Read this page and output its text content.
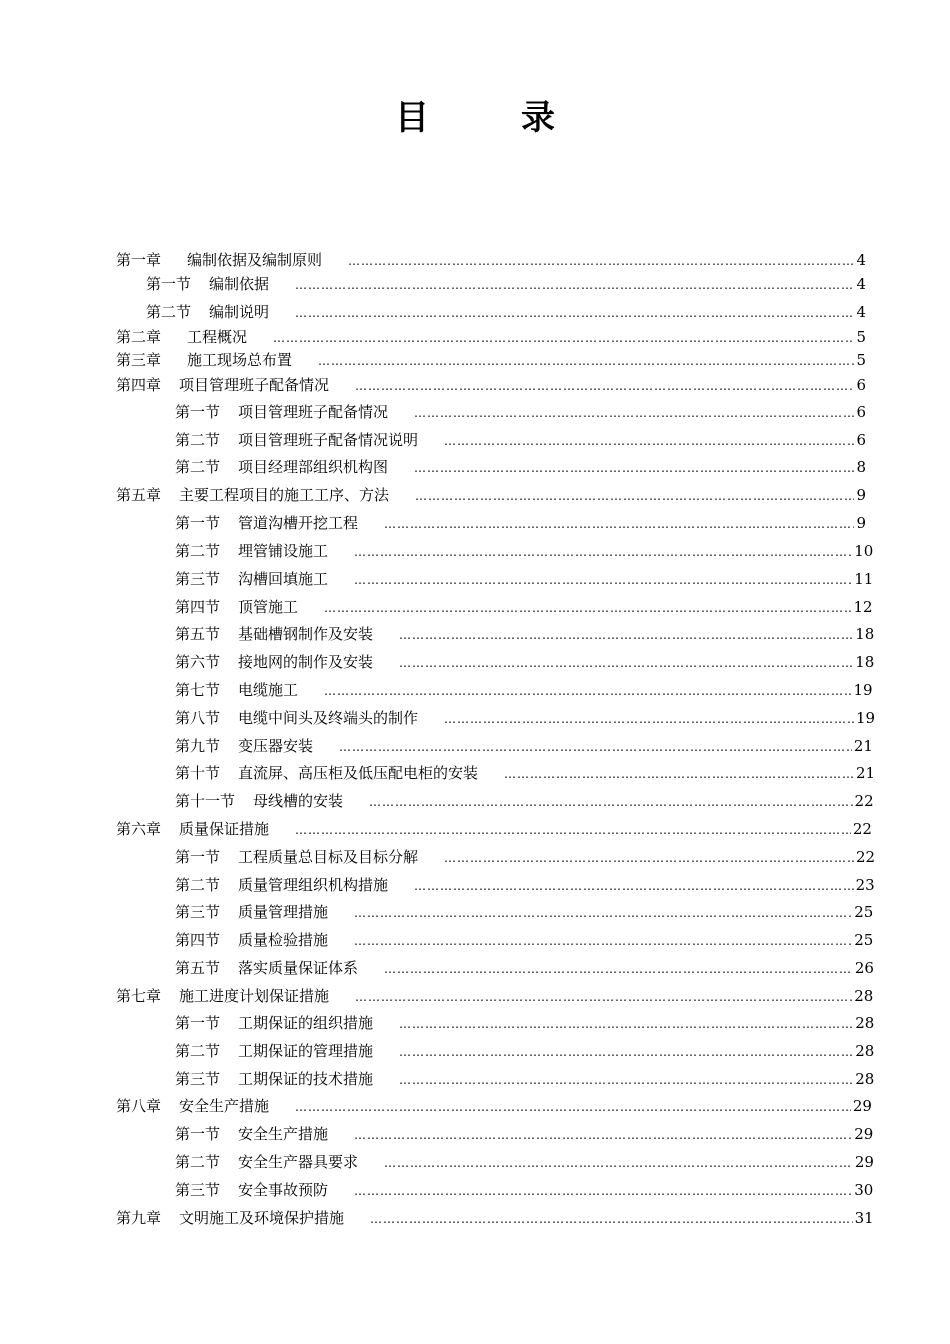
目	录
第一章 编制依据及编制原则 ……………………………………………………………………………………………………………………………………………………………………	4
第一节 编制依据 ……………………………………………………………………………………………………………………………………………………………………	4
第二节 编制说明 ……………………………………………………………………………………………………………………………………………………………………	4
第二章 工程概况 ……………………………………………………………………………………………………………………………………………………………………	5
第三章 施工现场总布置 ……………………………………………………………………………………………………………………………………………………………………	5
第四章 项目管理班子配备情况 ……………………………………………………………………………………………………………………………………………………………………	6
第一节 项目管理班子配备情况 ……………………………………………………………………………………………………………………………………………………………………	6
第二节 项目管理班子配备情况说明 ……………………………………………………………………………………………………………………………………………………………………	6
第二节 项目经理部组织机构图 ……………………………………………………………………………………………………………………………………………………………………	8
第五章 主要工程项目的施工工序、方法 ……………………………………………………………………………………………………………………………………………………………………	9
第一节 管道沟槽开挖工程 ……………………………………………………………………………………………………………………………………………………………………	9
第二节 埋管铺设施工 ……………………………………………………………………………………………………………………………………………………………………	10
第三节 沟槽回填施工 ……………………………………………………………………………………………………………………………………………………………………	11
第四节 顶管施工 ……………………………………………………………………………………………………………………………………………………………………	12
第五节 基础槽钢制作及安装 ……………………………………………………………………………………………………………………………………………………………………	18
第六节 接地网的制作及安装 ……………………………………………………………………………………………………………………………………………………………………	18
第七节 电缆施工 ……………………………………………………………………………………………………………………………………………………………………	19
第八节 电缆中间头及终端头的制作 ……………………………………………………………………………………………………………………………………………………………………	19
第九节 变压器安装 ……………………………………………………………………………………………………………………………………………………………………	21
第十节 直流屏、高压柜及低压配电柜的安装 ……………………………………………………………………………………………………………………………………………………………………	21
第十一节 母线槽的安装 ……………………………………………………………………………………………………………………………………………………………………	22
第六章 质量保证措施 ……………………………………………………………………………………………………………………………………………………………………	22
第一节 工程质量总目标及目标分解 ……………………………………………………………………………………………………………………………………………………………………	22
第二节 质量管理组织机构措施 ……………………………………………………………………………………………………………………………………………………………………	23
第三节 质量管理措施 ……………………………………………………………………………………………………………………………………………………………………	25
第四节 质量检验措施 ……………………………………………………………………………………………………………………………………………………………………	25
第五节 落实质量保证体系 ……………………………………………………………………………………………………………………………………………………………………	26
第七章 施工进度计划保证措施 ……………………………………………………………………………………………………………………………………………………………………	28
第一节 工期保证的组织措施 ……………………………………………………………………………………………………………………………………………………………………	28
第二节 工期保证的管理措施 ……………………………………………………………………………………………………………………………………………………………………	28
第三节 工期保证的技术措施 ……………………………………………………………………………………………………………………………………………………………………	28
第八章 安全生产措施 ……………………………………………………………………………………………………………………………………………………………………	29
第一节 安全生产措施 ……………………………………………………………………………………………………………………………………………………………………	29
第二节 安全生产器具要求 ……………………………………………………………………………………………………………………………………………………………………	29
第三节 安全事故预防 ……………………………………………………………………………………………………………………………………………………………………	30
第九章 文明施工及环境保护措施 ……………………………………………………………………………………………………………………………………………………………………	31
